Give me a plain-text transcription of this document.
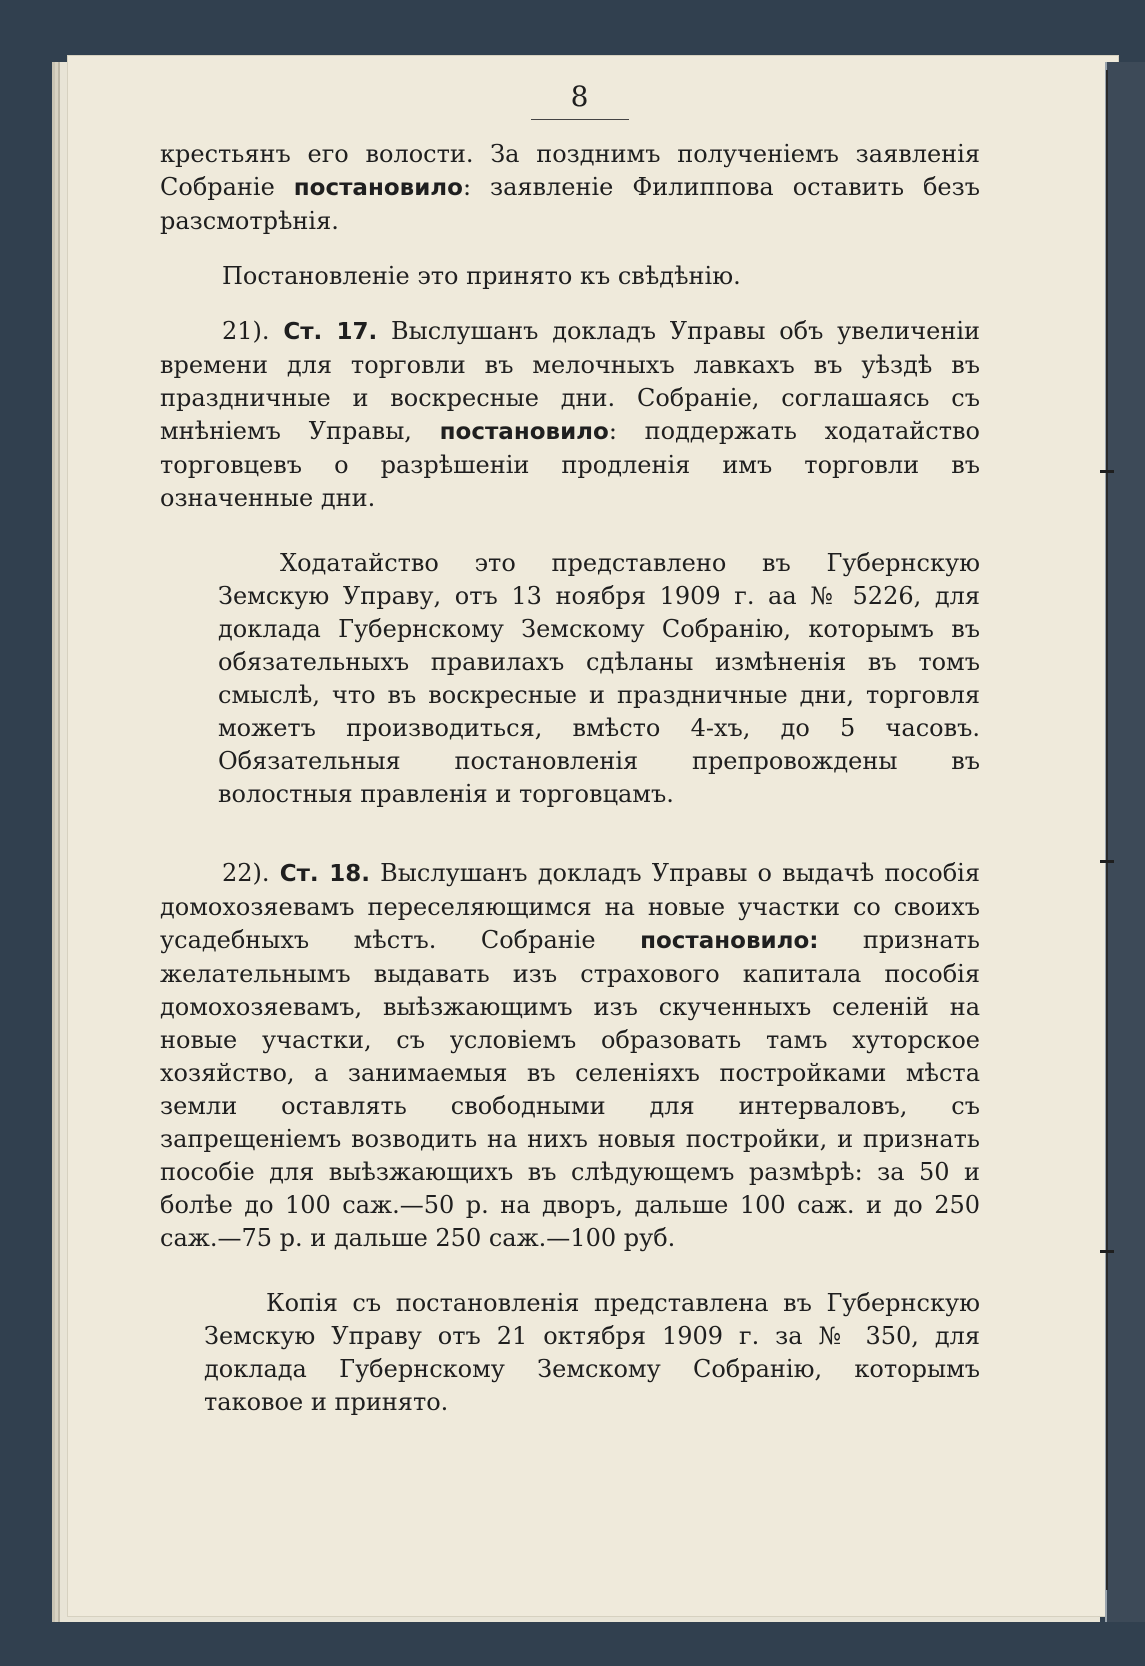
8

крестьянъ его волости. За позднимъ полученіемъ заявленія Собраніе постановило: заявленіе Филиппова оставить безъ разсмотрѣнія.

Постановленіе это принято къ свѣдѣнію.

21). Ст. 17. Выслушанъ докладъ Управы объ увеличеніи времени для торговли въ мелочныхъ лавкахъ въ уѣздѣ въ праздничные и воскресные дни. Собраніе, соглашаясь съ мнѣніемъ Управы, постановило: поддержать ходатайство торговцевъ о разрѣшеніи продленія имъ торговли въ означенные дни.

Ходатайство это представлено въ Губернскую Земскую Управу, отъ 13 ноября 1909 г. аа № 5226, для доклада Губернскому Земскому Собранію, которымъ въ обязательныхъ правилахъ сдѣланы измѣненія въ томъ смыслѣ, что въ воскресные и праздничные дни, торговля можетъ производиться, вмѣсто 4-хъ, до 5 часовъ. Обязательныя постановленія препровождены въ волостныя правленія и торговцамъ.

22). Ст. 18. Выслушанъ докладъ Управы о выдачѣ пособія домохозяевамъ переселяющимся на новые участки со своихъ усадебныхъ мѣстъ. Собраніе постановило: признать желательнымъ выдавать изъ страхового капитала пособія домохозяевамъ, выѣзжающимъ изъ скученныхъ селеній на новые участки, съ условіемъ образовать тамъ хуторское хозяйство, а занимаемыя въ селеніяхъ постройками мѣста земли оставлять свободными для интерваловъ, съ запрещеніемъ возводить на нихъ новыя постройки, и признать пособіе для выѣзжающихъ въ слѣдующемъ размѣрѣ: за 50 и болѣе до 100 саж.—50 р. на дворъ, дальше 100 саж. и до 250 саж.—75 р. и дальше 250 саж.—100 руб.

Копія съ постановленія представлена въ Губернскую Земскую Управу отъ 21 октября 1909 г. за № 350, для доклада Губернскому Земскому Собранію, которымъ таковое и принято.
